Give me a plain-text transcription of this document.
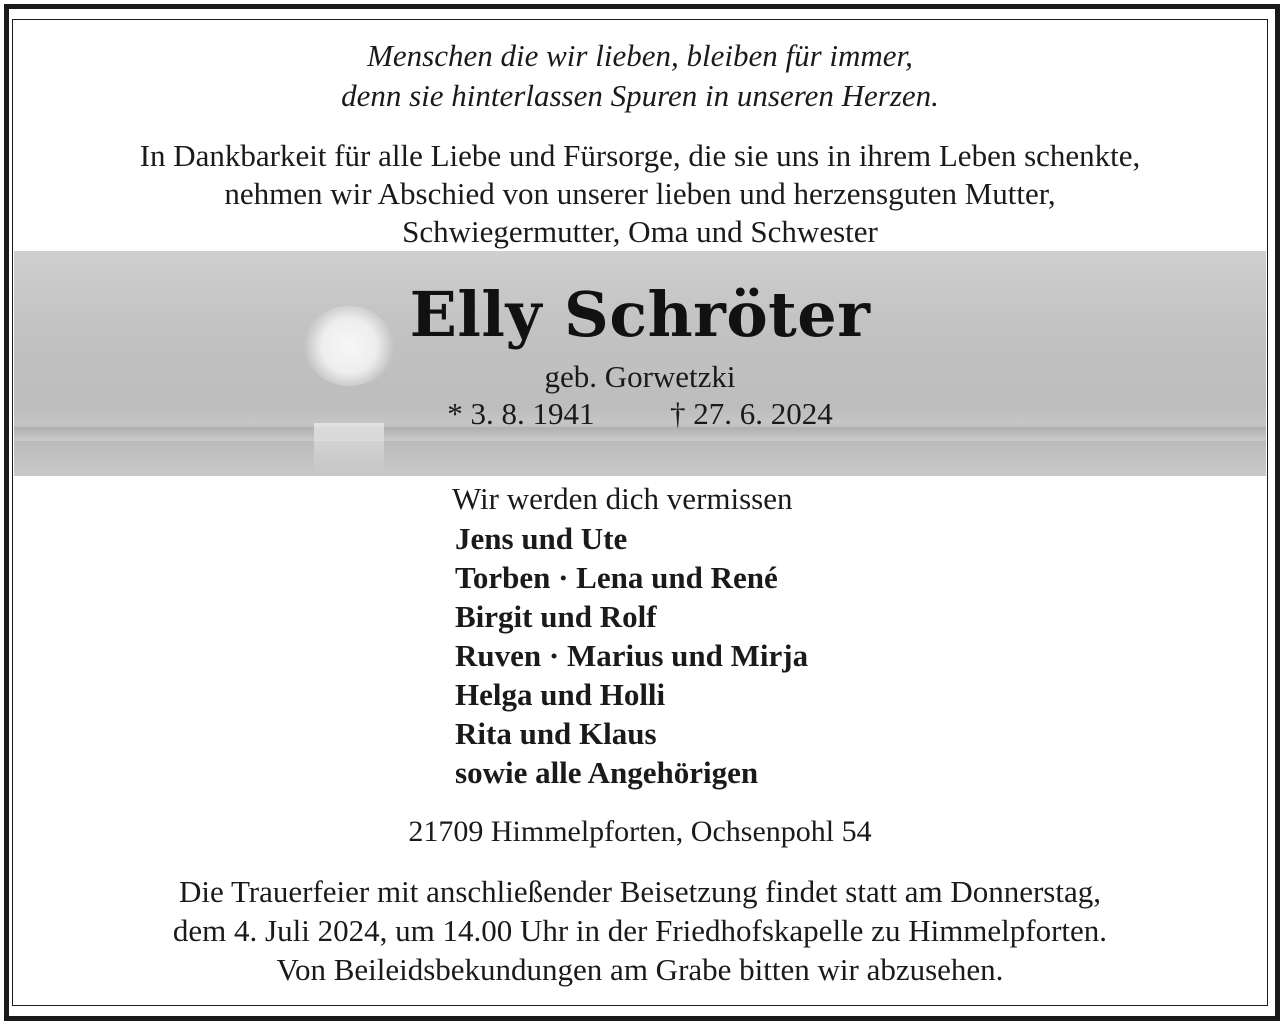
Menschen die wir lieben, bleiben für immer,
denn sie hinterlassen Spuren in unseren Herzen.
In Dankbarkeit für alle Liebe und Fürsorge, die sie uns in ihrem Leben schenkte,
nehmen wir Abschied von unserer lieben und herzensguten Mutter,
Schwiegermutter, Oma und Schwester
Elly Schröter
geb. Gorwetzki
* 3. 8. 1941 † 27. 6. 2024
Wir werden dich vermissen
Jens und Ute
Torben · Lena und René
Birgit und Rolf
Ruven · Marius und Mirja
Helga und Holli
Rita und Klaus
sowie alle Angehörigen
21709 Himmelpforten, Ochsenpohl 54
Die Trauerfeier mit anschließender Beisetzung findet statt am Donnerstag,
dem 4. Juli 2024, um 14.00 Uhr in der Friedhofskapelle zu Himmelpforten.
Von Beileidsbekundungen am Grabe bitten wir abzusehen.
